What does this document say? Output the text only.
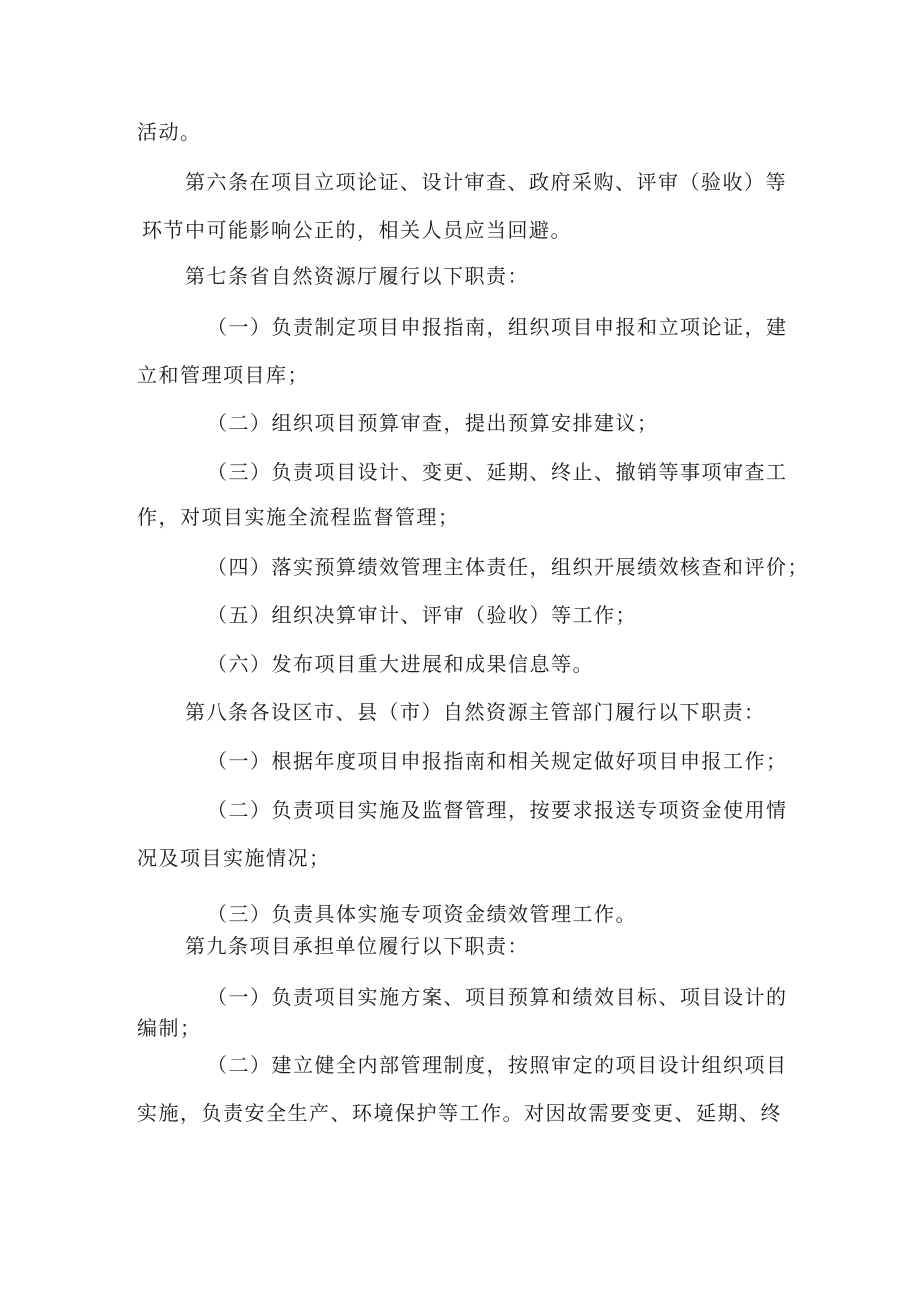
活动。
第六条在项目立项论证、设计审查、政府采购、评审（验收）等
环节中可能影响公正的，相关人员应当回避。
第七条省自然资源厅履行以下职责：
（一）负责制定项目申报指南，组织项目申报和立项论证，建
立和管理项目库；
（二）组织项目预算审查，提出预算安排建议；
（三）负责项目设计、变更、延期、终止、撤销等事项审查工
作，对项目实施全流程监督管理；
（四）落实预算绩效管理主体责任，组织开展绩效核查和评价；
（五）组织决算审计、评审（验收）等工作；
（六）发布项目重大进展和成果信息等。
第八条各设区市、县（市）自然资源主管部门履行以下职责：
（一）根据年度项目申报指南和相关规定做好项目申报工作；
（二）负责项目实施及监督管理，按要求报送专项资金使用情
况及项目实施情况；
（三）负责具体实施专项资金绩效管理工作。
第九条项目承担单位履行以下职责：
（一）负责项目实施方案、项目预算和绩效目标、项目设计的
编制；
（二）建立健全内部管理制度，按照审定的项目设计组织项目
实施，负责安全生产、环境保护等工作。对因故需要变更、延期、终
